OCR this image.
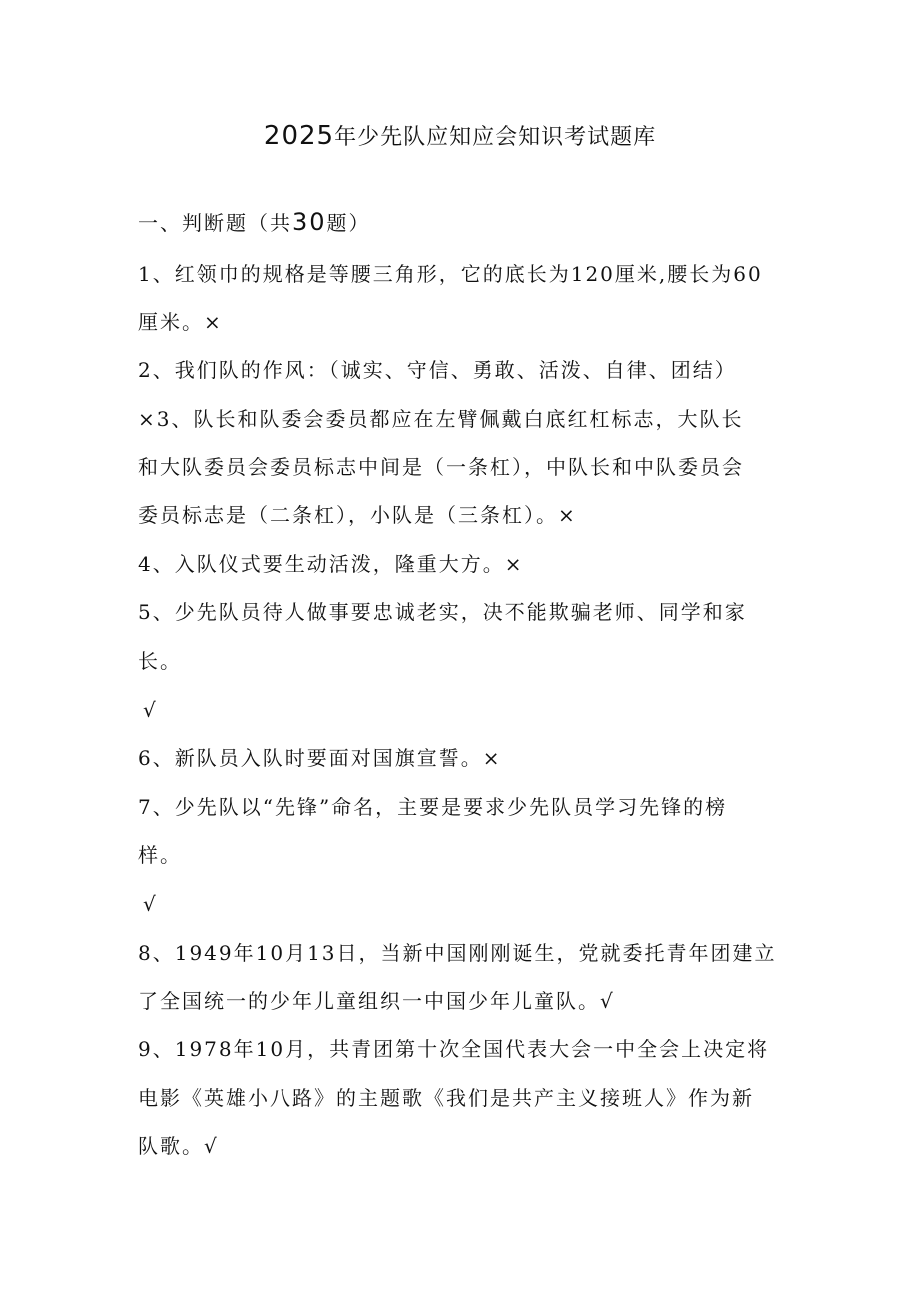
2025年少先队应知应会知识考试题库
一、判断题（共30题）
1、红领巾的规格是等腰三角形，它的底长为120厘米,腰长为60
厘米。×
2、我们队的作风：（诚实、守信、勇敢、活泼、自律、团结）
×3、队长和队委会委员都应在左臂佩戴白底红杠标志，大队长
和大队委员会委员标志中间是（一条杠），中队长和中队委员会
委员标志是（二条杠），小队是（三条杠）。×
4、入队仪式要生动活泼，隆重大方。×
5、少先队员待人做事要忠诚老实，决不能欺骗老师、同学和家
长。
√
6、新队员入队时要面对国旗宣誓。×
7、少先队以“先锋”命名，主要是要求少先队员学习先锋的榜
样。
√
8、1949年10月13日，当新中国刚刚诞生，党就委托青年团建立
了全国统一的少年儿童组织一中国少年儿童队。√
9、1978年10月，共青团第十次全国代表大会一中全会上决定将
电影《英雄小八路》的主题歌《我们是共产主义接班人》作为新
队歌。√
